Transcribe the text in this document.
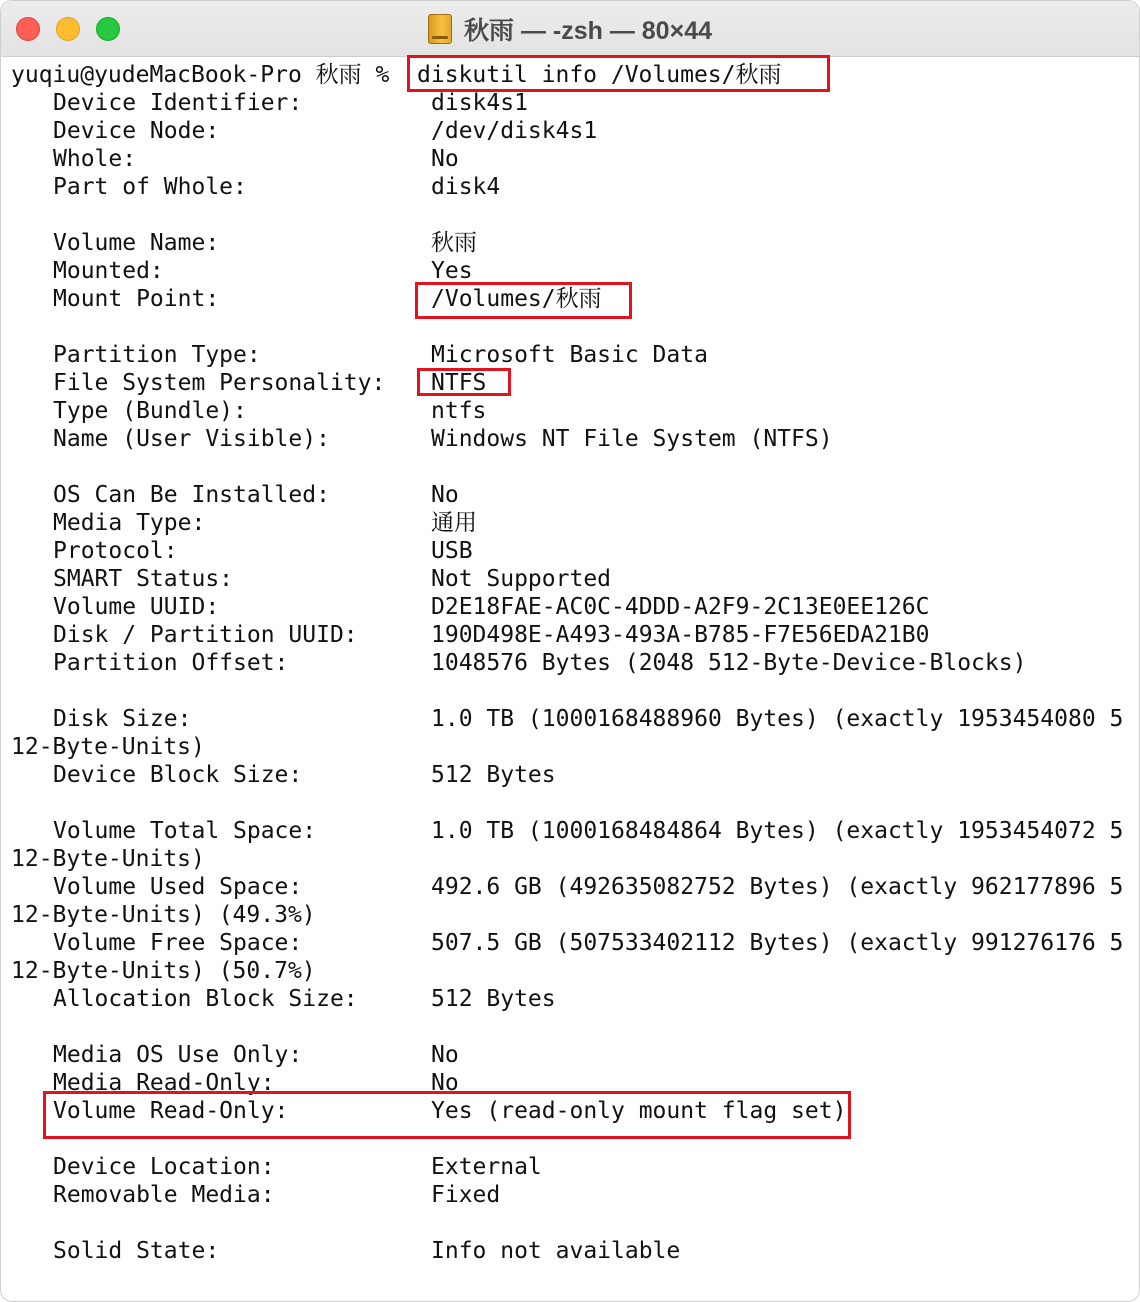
秋雨 — -zsh — 80×44
yuqiu@yudeMacBook-Pro 秋雨 % diskutil info /Volumes/秋雨
Device Identifier:	disk4s1
Device Node:	/dev/disk4s1
Whole:	No
Part of Whole:	disk4
Volume Name:	秋雨
Mounted:	Yes
Mount Point:	/Volumes/秋雨
Partition Type:	Microsoft Basic Data
File System Personality: NTFS
Type (Bundle):	ntfs
Name (User Visible):	Windows NT File System (NTFS)
OS Can Be Installed:	No
Media Type:	通用
Protocol:	USB
SMART Status:	Not Supported
Volume UUID:	D2E18FAE-AC0C-4DDD-A2F9-2C13E0EE126C
Disk / Partition UUID:	190D498E-A493-493A-B785-F7E56EDA21B0
Partition Offset:	1048576 Bytes (2048 512-Byte-Device-Blocks)
Disk Size:	1.0 TB (1000168488960 Bytes) (exactly 1953454080 5
12-Byte-Units)
Device Block Size:	512 Bytes
Volume Total Space:	1.0 TB (1000168484864 Bytes) (exactly 1953454072 5
12-Byte-Units)
Volume Used Space:	492.6 GB (492635082752 Bytes) (exactly 962177896 5
12-Byte-Units) (49.3%)
Volume Free Space:	507.5 GB (507533402112 Bytes) (exactly 991276176 5
12-Byte-Units) (50.7%)
Allocation Block Size:	512 Bytes
Media OS Use Only:	No
Media Read-Only:	No
Volume Read-Only:	Yes (read-only mount flag set)
Device Location:	External
Removable Media:	Fixed
Solid State:	Info not available
